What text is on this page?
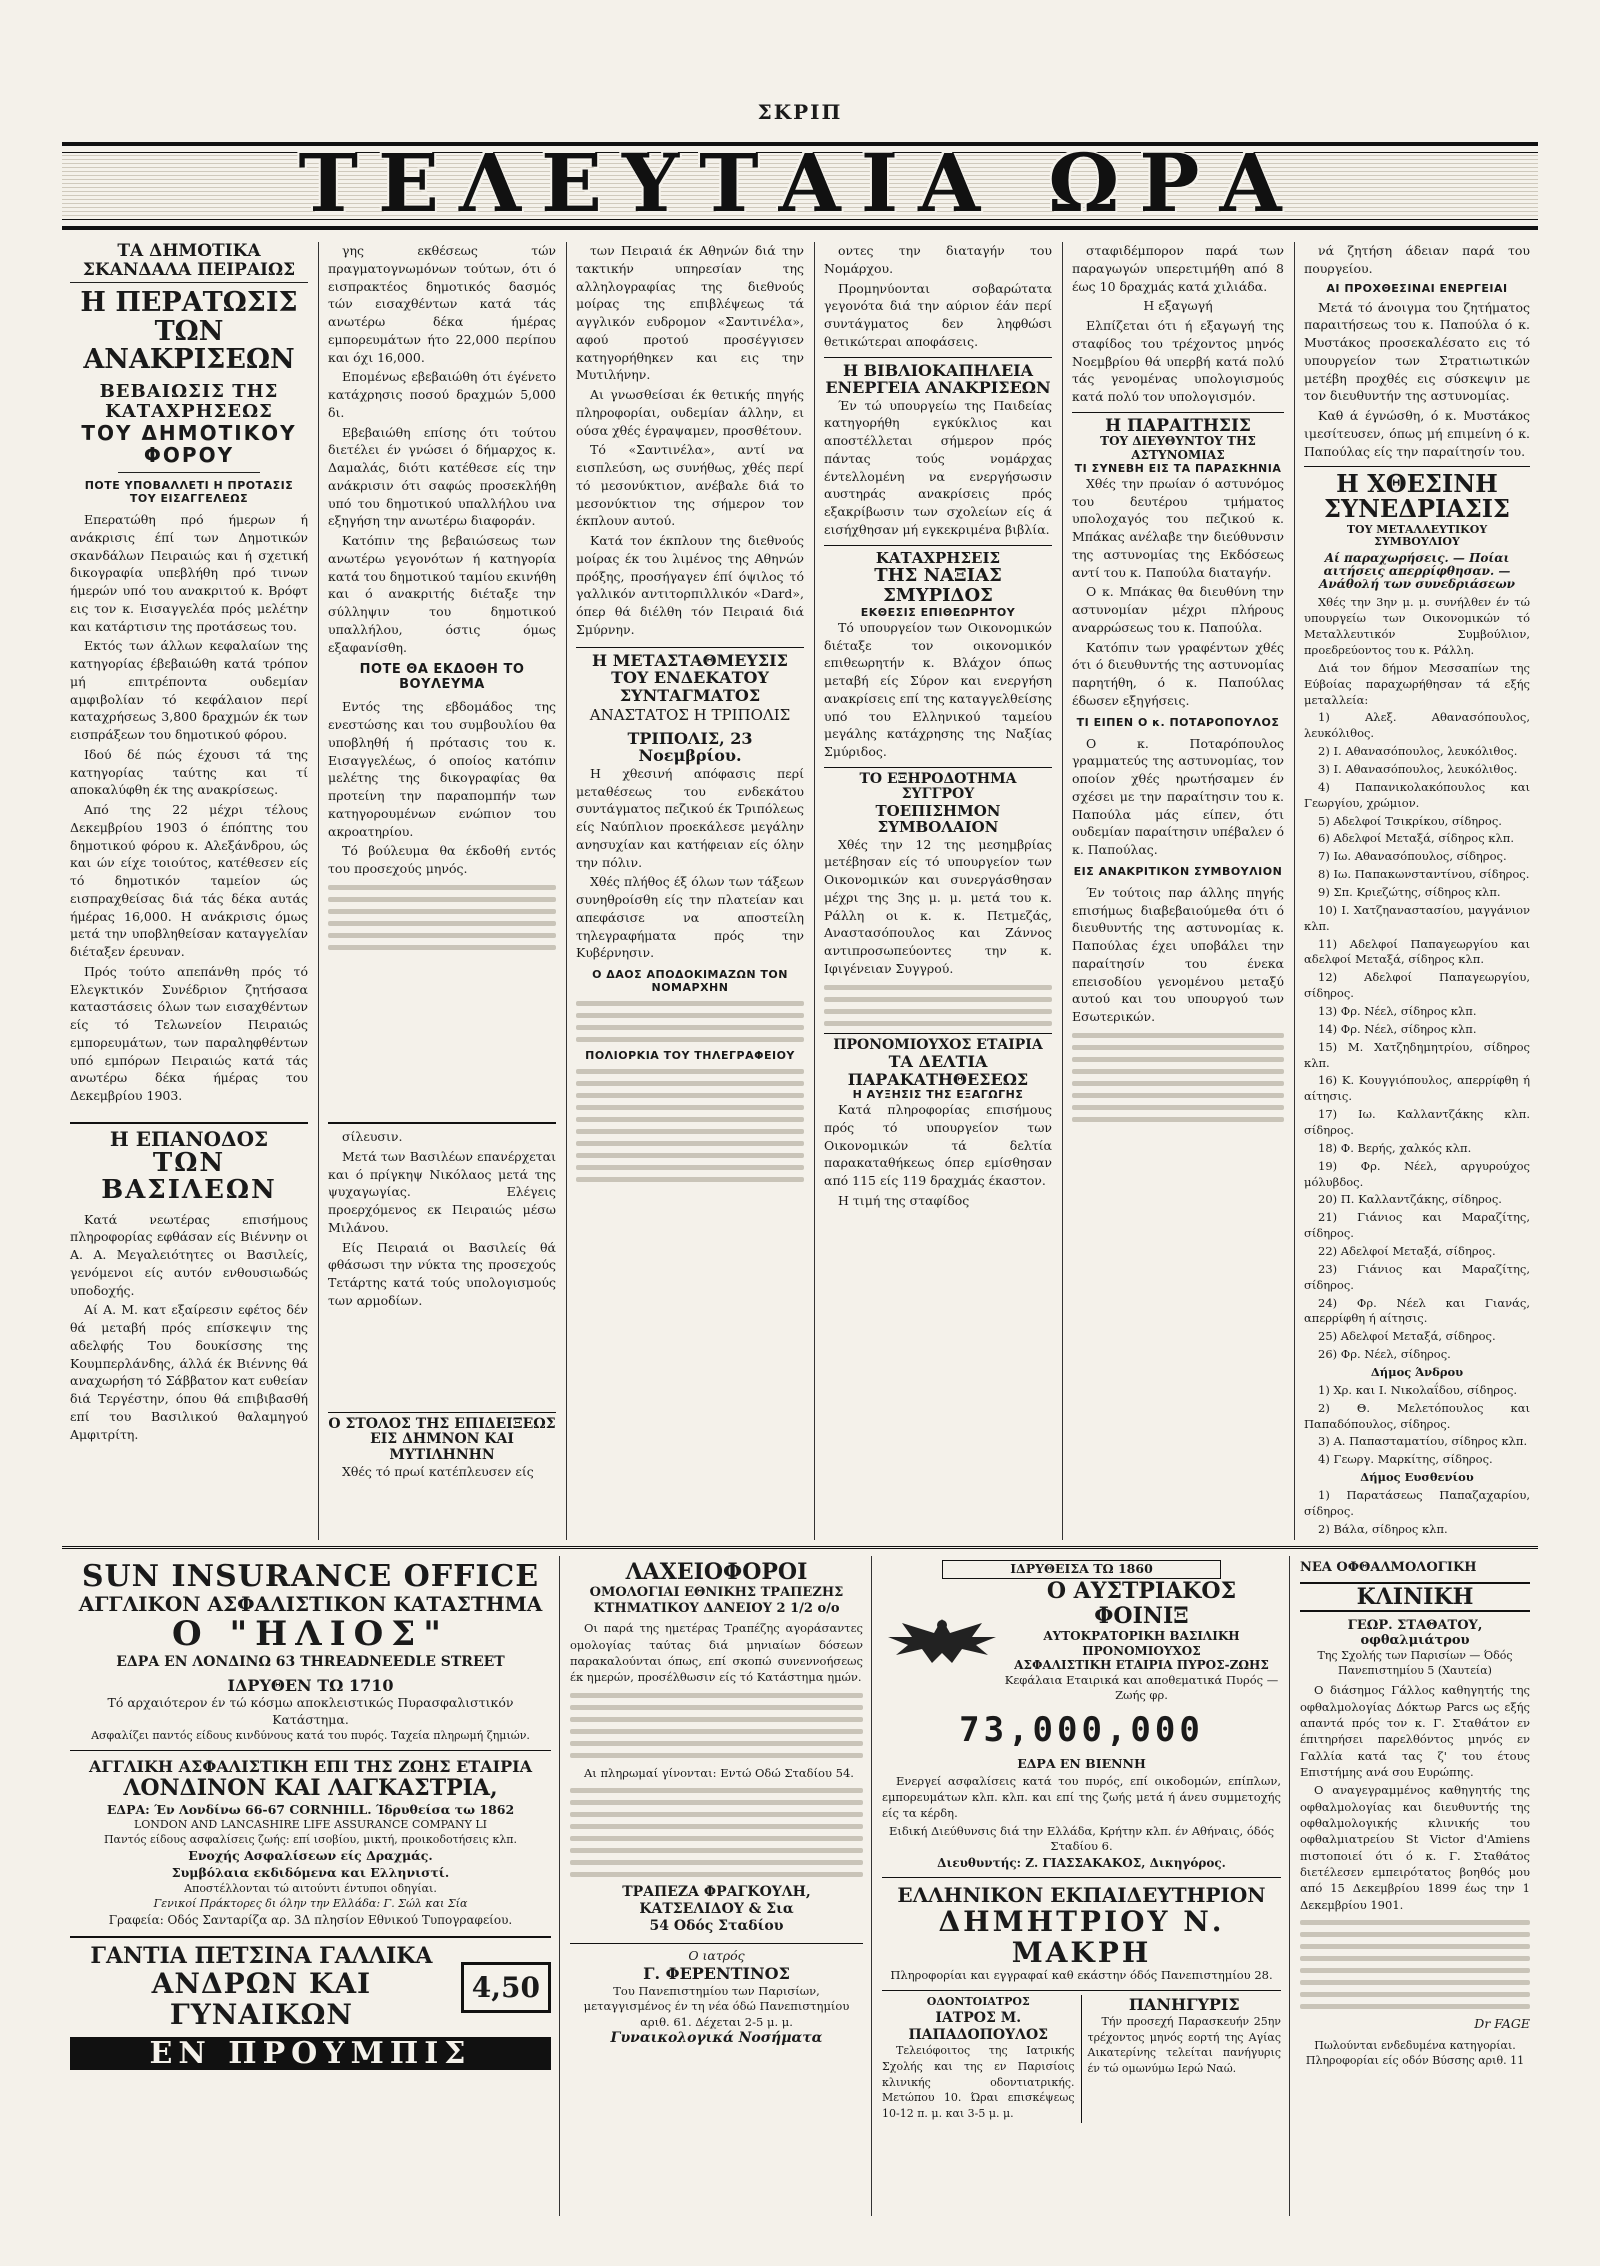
ΣΚΡΙΠ
ΤΕΛΕΥΤΑΙΑ ΩΡΑ
ΤΑ ΔΗΜΟΤΙΚΑ ΣΚΑΝΔΑΛΑ ΠΕΙΡΑΙΩΣ
Η ΠΕΡΑΤΩΣΙΣ ΤΩΝ ΑΝΑΚΡΙΣΕΩΝ
ΒΕΒΑΙΩΣΙΣ ΤΗΣ ΚΑΤΑΧΡΗΣΕΩΣ
ΤΟΥ ΔΗΜΟΤΙΚΟΥ ΦΟΡΟΥ
ΠΟΤΕ ΥΠΟΒΑΛΛΕΤΙ Η ΠΡΟΤΑΣΙΣ ΤΟΥ ΕΙΣΑΓΓΕΛΕΩΣ

Επερατώθη πρό ήμερων ή ανάκρισις έπί των Δημοτικών σκανδάλων Πειραιώς και ή σχετική δικογραφία υπεβλήθη πρό τινων ήμερών υπό του ανακριτού κ. Βρόφτ εις τον κ. Εισαγγελέα πρός μελέτην και κατάρτισιν της προτάσεως του.

Εκτός των άλλων κεφαλαίων της κατηγορίας έβεβαιώθη κατά τρόπον μή επιτρέποντα ουδεμίαν αμφιβολίαν τό κεφάλαιον περί καταχρήσεως 3,800 δραχμών έκ των εισπράξεων του δημοτικού φόρου.

Ιδού δέ πώς έχουσι τά της κατηγορίας ταύτης και τί αποκαλύφθη έκ της ανακρίσεως.

Από της 22 μέχρι τέλους Δεκεμβρίου 1903 ό έπόπτης του δημοτικού φόρου κ. Αλεξάνδρου, ώς και ών είχε τοιούτος, κατέθεσεν είς τό δημοτικόν ταμείον ώς εισπραχθείσας διά τάς δέκα αυτάς ήμέρας 16,000. Η ανάκρισις όμως μετά την υποβληθείσαν καταγγελίαν διέταξεν έρευναν.

Πρός τούτο απεπάνθη πρός τό Ελεγκτικόν Συνέδριον ζητήσασα καταστάσεις όλων των εισαχθέντων είς τό Τελωνείον Πειραιώς εμπορευμάτων, των παραληφθέντων υπό εμπόρων Πειραιώς κατά τάς ανωτέρω δέκα ήμέρας του Δεκεμβρίου 1903.

Η ΕΠΑΝΟΔΟΣ
ΤΩΝ ΒΑΣΙΛΕΩΝ

Κατά νεωτέρας επισήμους πληροφορίας εφθάσαν είς Βιέννην οι Α. Α. Μεγαλειότητες οι Βασιλείς, γενόμενοι είς αυτόν ενθουσιωδώς υποδοχής.

Αί Α. Μ. κατ εξαίρεσιν εφέτος δέν θά μεταβή πρός επίσκεψιν της αδελφής Του δουκίσσης της Κουμπερλάνδης, άλλά έκ Βιέννης θά αναχωρήση τό Σάββατον κατ ευθείαν διά Τεργέστην, όπου θά επιβιβασθή επί του Βασιλικού θαλαμηγού Αμφιτρίτη.

γης εκθέσεως τών πραγματογνωμόνων τούτων, ότι ό εισπρακτέος δημοτικός δασμός τών εισαχθέντων κατά τάς ανωτέρω δέκα ήμέρας εμπορευμάτων ήτο 22,000 περίπου και όχι 16,000.

Επομένως εβεβαιώθη ότι έγένετο κατάχρησις ποσού δραχμών 5,000 δι.

Εβεβαιώθη επίσης ότι τούτου διετέλει έν γνώσει ό δήμαρχος κ. Δαμαλάς, διότι κατέθεσε είς την ανάκρισιν ότι σαφώς προσεκλήθη υπό του δημοτικού υπαλλήλου ινα εξηγήση την ανωτέρω διαφοράν.

Κατόπιν της βεβαιώσεως των ανωτέρω γεγονότων ή κατηγορία κατά του δημοτικού ταμίου εκινήθη και ό ανακριτής διέταξε την σύλληψιν του δημοτικού υπαλλήλου, όστις όμως εξαφανίσθη.

ΠΟΤΕ ΘΑ ΕΚΔΟΘΗ ΤΟ ΒΟΥΛΕΥΜΑ

Εντός της εβδομάδος της ενεστώσης και του συμβουλίου θα υποβληθή ή πρότασις του κ. Εισαγγελέως, ό οποίος κατόπιν μελέτης της δικογραφίας θα προτείνη την παραπομπήν των κατηγορουμένων ενώπιον του ακροατηρίου.

Τό βούλευμα θα έκδοθή εντός του προσεχούς μηνός.

σίλευσιν.

Μετά των Βασιλέων επανέρχεται και ό πρίγκηψ Νικόλαος μετά της ψυχαγωγίας. Ελέγεις προερχόμενος εκ Πειραιώς μέσω Μιλάνου.

Είς Πειραιά οι Βασιλείς θά φθάσωσι την νύκτα της προσεχούς Τετάρτης κατά τούς υπολογισμούς των αρμοδίων.

Ο ΣΤΟΛΟΣ ΤΗΣ ΕΠΙΔΕΙΞΕΩΣ
ΕΙΣ ΔΗΜΝΟΝ ΚΑΙ ΜΥΤΙΛΗΝΗΝ

Χθές τό πρωί κατέπλευσεν είς

των Πειραιά έκ Αθηνών διά την τακτικήν υπηρεσίαν της αλληλογραφίας της διεθνούς μοίρας της επιβλέψεως τά αγγλικόν ευδρομον «Σαντινέλα», αφού προτού προσέγγισεν κατηγορήθηκεν και εις την Μυτιλήνην.

Αι γνωσθείσαι έκ θετικής πηγής πληροφορίαι, ουδεμίαν άλλην, ει ούσα χθές έγραψαμεν, προσθέτουν.

Τό «Σαντινέλα», αντί να εισπλεύση, ως συνήθως, χθές περί τό μεσονύκτιον, ανέβαλε διά το μεσονύκτιον της σήμερον τον έκπλουν αυτού.

Κατά τον έκπλουν της διεθνούς μοίρας έκ του λιμένος της Αθηνών πρόξης, προσήγαγεν έπί όψιλος τό γαλλικόν αντιτορπιλλικόν «Dard», όπερ θά διέλθη τόν Πειραιά διά Σμύρνην.

Η ΜΕΤΑΣΤΑΘΜΕΥΣΙΣ ΤΟΥ ΕΝΔΕΚΑΤΟΥ ΣΥΝΤΑΓΜΑΤΟΣ
ΑΝΑΣΤΑΤΟΣ Η ΤΡΙΠΟΛΙΣ
ΤΡΙΠΟΛΙΣ, 23 Νοεμβρίου.

Η χθεσινή απόφασις περί μεταθέσεως του ενδεκάτου συντάγματος πεζικού έκ Τριπόλεως είς Ναύπλιον προεκάλεσε μεγάλην ανησυχίαν και κατήφειαν είς όλην την πόλιν.

Χθές πλήθος έξ όλων των τάξεων συνηθροίσθη είς την πλατείαν και απεφάσισε να αποστείλη τηλεγραφήματα πρός την Κυβέρνησιν.

Ο ΔΑΟΣ ΑΠΟΔΟΚΙΜΑΖΩΝ ΤΟΝ ΝΟΜΑΡΧΗΝ
ΠΟΛΙΟΡΚΙΑ ΤΟΥ ΤΗΛΕΓΡΑΦΕΙΟΥ

οντες την διαταγήν του Νομάρχου.

Προμηνύονται σοβαρώτατα γεγονότα διά την αύριον έάν περί συντάγματος δεν ληφθώσι θετικώτεραι αποφάσεις.

Η ΒΙΒΛΙΟΚΑΠΗΛΕΙΑ
ΕΝΕΡΓΕΙΑ ΑΝΑΚΡΙΣΕΩΝ

Έν τώ υπουργείω της Παιδείας κατηγορήθη εγκύκλιος και αποστέλλεται σήμερον πρός πάντας τούς νομάρχας έντελλομένη να ενεργήσωσιν αυστηράς ανακρίσεις πρός εξακρίβωσιν των σχολείων είς ά εισήχθησαν μή εγκεκριμένα βιβλία.

ΚΑΤΑΧΡΗΣΕΙΣ
ΤΗΣ ΝΑΞΙΑΣ ΣΜΥΡΙΔΟΣ
ΕΚΘΕΣΙΣ ΕΠΙΘΕΩΡΗΤΟΥ

Τό υπουργείον των Οικονομικών διέταξε τον οικονομικόν επιθεωρητήν κ. Βλάχον όπως μεταβή είς Σύρον και ενεργήση ανακρίσεις επί της καταγγελθείσης υπό του Ελληνικού ταμείου μεγάλης κατάχρησης της Ναξίας Σμύριδος.

ΤΟ ΕΞΗΡΟΔΟΤΗΜΑ ΣΥΓΓΡΟΥ
ΤΟΕΠΙΣΗΜΟΝ ΣΥΜΒΟΛΑΙΟΝ

Χθές την 12 της μεσημβρίας μετέβησαν είς τό υπουργείον των Οικονομικών και συνεργάσθησαν μέχρι της 3ης μ. μ. μετά του κ. Ράλλη οι κ. κ. Πετμεζάς, Αναστασόπουλος και Ζάννος αντιπροσωπεύοντες την κ. Ιφιγένειαν Συγγρού.

ΠΡΟΝΟΜΙΟΥΧΟΣ ΕΤΑΙΡΙΑ
ΤΑ ΔΕΛΤΙΑ ΠΑΡΑΚΑΤΗΘΕΣΕΩΣ
Η ΑΥΞΗΣΙΣ ΤΗΣ ΕΞΑΓΩΓΗΣ

Κατά πληροφορίας επισήμους πρός τό υπουργείον των Οικονομικών τά δελτία παρακαταθήκεως όπερ εμίσθησαν από 115 είς 119 δραχμάς έκαστον.

Η τιμή της σταφίδος

σταφιδέμπορον παρά των παραγωγών υπερετιμήθη από 8 έως 10 δραχμάς κατά χιλιάδα.

Η εξαγωγή

Ελπίζεται ότι ή εξαγωγή της σταφίδος του τρέχοντος μηνός Νοεμβρίου θά υπερβή κατά πολύ τάς γενομένας υπολογισμούς κατά πολύ τον υπολογισμόν.

Η ΠΑΡΑΙΤΗΣΙΣ
ΤΟΥ ΔΙΕΥΘΥΝΤΟΥ ΤΗΣ ΑΣΤΥΝΟΜΙΑΣ
ΤΙ ΣΥΝΕΒΗ ΕΙΣ ΤΑ ΠΑΡΑΣΚΗΝΙΑ

Χθές την πρωίαν ό αστυνόμος του δευτέρου τμήματος υπολοχαγός του πεζικού κ. Μπάκας ανέλαβε την διεύθυνσιν της αστυνομίας της Εκδόσεως αντί του κ. Παπούλα διαταγήν.

Ο κ. Μπάκας θα διευθύνη την αστυνομίαν μέχρι πλήρους αναρρώσεως του κ. Παπούλα.

Κατόπιν των γραφέντων χθές ότι ό διευθυντής της αστυνομίας παρητήθη, ό κ. Παπούλας έδωσεν εξηγήσεις.

ΤΙ ΕΙΠΕΝ Ο κ. ΠΟΤΑΡΟΠΟΥΛΟΣ

Ο κ. Ποταρόπουλος γραμματεύς της αστυνομίας, τον οποίον χθές ηρωτήσαμεν έν σχέσει με την παραίτησιν του κ. Παπούλα μάς είπεν, ότι ουδεμίαν παραίτησιν υπέβαλεν ό κ. Παπούλας.

ΕΙΣ ΑΝΑΚΡΙΤΙΚΟΝ ΣΥΜΒΟΥΛΙΟΝ

Έν τούτοις παρ άλλης πηγής επισήμως διαβεβαιούμεθα ότι ό διευθυντής της αστυνομίας κ. Παπούλας έχει υποβάλει την παραίτησίν του ένεκα επεισοδίου γενομένου μεταξύ αυτού και του υπουργού των Εσωτερικών.

νά ζητήση άδειαν παρά του πουργείου.

ΑΙ ΠΡΟΧΘΕΣΙΝΑΙ ΕΝΕΡΓΕΙΑΙ

Μετά τό άνοιγμα του ζητήματος παραιτήσεως του κ. Παπούλα ό κ. Μυστάκος προσεκαλέσατο εις τό υπουργείον των Στρατιωτικών μετέβη προχθές εις σύσκεψιν με τον διευθυντήν της αστυνομίας.

Καθ ά έγνώσθη, ό κ. Μυστάκος ιμεσίτευσεν, όπως μή επιμείνη ό κ. Παπούλας είς την παραίτησίν του.

Η ΧΘΕΣΙΝΗ ΣΥΝΕΔΡΙΑΣΙΣ
ΤΟΥ ΜΕΤΑΛΛΕΥΤΙΚΟΥ ΣΥΜΒΟΥΛΙΟΥ
Αί παραχωρήσεις. — Ποίαι αιτήσεις απερρίφθησαν. — Ανάθολή των συνεδριάσεων

Χθές την 3ην μ. μ. συνήλθεν έν τώ υπουργείω των Οικονομικών τό Μεταλλευτικόν Συμβούλιον, προεδρεύοντος του κ. Ράλλη.

Διά τον δήμον Μεσσαπίων της Εύβοίας παραχωρήθησαν τά εξής μεταλλεία:

1) Αλεξ. Αθανασόπουλος, λευκόλιθος.

2) Ι. Αθανασόπουλος, λευκόλιθος.

3) Ι. Αθανασόπουλος, λευκόλιθος.

4) Παπανικολακόπουλος και Γεωργίου, χρώμιον.

5) Αδελφοί Τσικρίκου, σίδηρος.

6) Αδελφοί Μεταξά, σίδηρος κλπ.

7) Ιω. Αθανασόπουλος, σίδηρος.

8) Ιω. Παπακωνσταντίνου, σίδηρος.

9) Σπ. Κριεζώτης, σίδηρος κλπ.

10) Ι. Χατζηαναστασίου, μαγγάνιον κλπ.

11) Αδελφοί Παπαγεωργίου και αδελφοί Μεταξά, σίδηρος κλπ.

12) Αδελφοί Παπαγεωργίου, σίδηρος.

13) Φρ. Νέελ, σίδηρος κλπ.

14) Φρ. Νέελ, σίδηρος κλπ.

15) Μ. Χατζηδημητρίου, σίδηρος κλπ.

16) Κ. Κουγγιόπουλος, απερρίφθη ή αίτησις.

17) Ιω. Καλλαντζάκης κλπ. σίδηρος.

18) Φ. Βερής, χαλκός κλπ.

19) Φρ. Νέελ, αργυρούχος μόλυβδος.

20) Π. Καλλαντζάκης, σίδηρος.

21) Γιάνιος και Μαραζίτης, σίδηρος.

22) Αδελφοί Μεταξά, σίδηρος.

23) Γιάνιος και Μαραζίτης, σίδηρος.

24) Φρ. Νέελ και Γιανάς, απερρίφθη ή αίτησις.

25) Αδελφοί Μεταξά, σίδηρος.

26) Φρ. Νέελ, σίδηρος.

Δήμος Άνδρου

1) Χρ. και Ι. Νικολαΐδου, σίδηρος.

2) Θ. Μελετόπουλος και Παπαδόπουλος, σίδηρος.

3) Α. Παπασταματίου, σίδηρος κλπ.

4) Γεωργ. Μαρκίτης, σίδηρος.

Δήμος Ευσθενίου

1) Παρατάσεως Παπαζαχαρίου, σίδηρος.

2) Βάλα, σίδηρος κλπ.

SUN INSURANCE OFFICE
ΑΓΓΛΙΚΟΝ ΑΣΦΑΛΙΣΤΙΚΟΝ ΚΑΤΑΣΤΗΜΑ
Ο "ΗΛΙΟΣ"
ΕΔΡΑ ΕΝ ΛΟΝΔΙΝΩ 63 THREADNEEDLE STREET
ΙΔΡΥΘΕΝ ΤΩ 1710
Τό αρχαιότερον έν τώ κόσμω αποκλειστικώς Πυρασφαλιστικόν Κατάστημα.
Ασφαλίζει παντός είδους κινδύνους κατά του πυρός. Ταχεία πληρωμή ζημιών.
ΑΓΓΛΙΚΗ ΑΣΦΑΛΙΣΤΙΚΗ ΕΠΙ ΤΗΣ ΖΩΗΣ ΕΤΑΙΡΙΑ
ΛΟΝΔΙΝΟΝ ΚΑΙ ΛΑΓΚΑΣΤΡΙΑ,
ΕΔΡΑ: Έν Λονδίνω 66-67 CORNHILL. Ίδρυθείσα τω 1862
LONDON AND LANCASHIRE LIFE ASSURANCE COMPANY LI
Παντός είδους ασφαλίσεις ζωής: επί ισοβίου, μικτή, προικοδοτήσεις κλπ.
Ενοχής Ασφαλίσεων είς Δραχμάς.
Συμβόλαια εκδιδόμενα και Ελληνιστί.
Αποστέλλονται τώ αιτούντι έντυποι οδηγίαι.
Γενικοί Πράκτορες δι όλην την Ελλάδα: Γ. Σώλ και Σία
Γραφεία: Οδός Σανταρίζα αρ. 3Δ πλησίον Εθνικού Τυπογραφείου.
ΓΑΝΤΙΑ ΠΕΤΣΙΝΑ ΓΑΛΛΙΚΑ
ΑΝΔΡΩΝ ΚΑΙ ΓΥΝΑΙΚΩΝ
4,50
ΕΝ ΠΡΟΥΜΠΙΣ
ΛΑΧΕΙΟΦΟΡΟΙ
ΟΜΟΛΟΓΙΑΙ ΕΘΝΙΚΗΣ ΤΡΑΠΕΖΗΣ
ΚΤΗΜΑΤΙΚΟΥ ΔΑΝΕΙΟΥ 2 1/2 ο/ο

Οι παρά της ημετέρας Τραπέζης αγοράσαντες ομολογίας ταύτας διά μηνιαίων δόσεων παρακαλούνται όπως, επί σκοπώ συνεννοήσεως έκ ημερών, προσέλθωσιν είς τό Κατάστημα ημών.

Αι πληρωμαί γίνονται: Εντώ Οδώ Σταδίου 54.

ΤΡΑΠΕΖΑ ΦΡΑΓΚΟΥΛΗ, ΚΑΤΣΕΛΙΔΟΥ & Σια
54 Οδός Σταδίου
Ο ιατρός
Γ. ΦΕΡΕΝΤΙΝΟΣ
Του Πανεπιστημίου των Παρισίων, μεταγγισμένος έν τη νέα όδώ Πανεπιστημίου αριθ. 61. Δέχεται 2-5 μ. μ.
Γυναικολογικά Νοσήματα
ΙΔΡΥΘΕΙΣΑ ΤΩ 1860
Ο ΑΥΣΤΡΙΑΚΟΣ ΦΟΙΝΙΞ
ΑΥΤΟΚΡΑΤΟΡΙΚΗ ΒΑΣΙΛΙΚΗ ΠΡΟΝΟΜΙΟΥΧΟΣ
ΑΣΦΑΛΙΣΤΙΚΗ ΕΤΑΙΡΙΑ ΠΥΡΟΣ-ΖΩΗΣ
Κεφάλαια Εταιρικά και αποθεματικά Πυρός — Ζωής φρ.
73,000,000
ΕΔΡΑ ΕΝ ΒΙΕΝΝΗ

Ενεργεί ασφαλίσεις κατά του πυρός, επί οικοδομών, επίπλων, εμπορευμάτων κλπ. κλπ. και επί της ζωής μετά ή άνευ συμμετοχής είς τα κέρδη.

Ειδική Διεύθυνσις διά την Ελλάδα, Κρήτην κλπ. έν Αθήναις, όδός Σταδίου 6.
Διευθυντής: Ζ. ΓΙΑΣΣΑΚΑΚΟΣ, Δικηγόρος.
ΕΛΛΗΝΙΚΟΝ ΕΚΠΑΙΔΕΥΤΗΡΙΟΝ
ΔΗΜΗΤΡΙΟΥ Ν. ΜΑΚΡΗ
Πληροφορίαι και εγγραφαί καθ εκάστην όδός Πανεπιστημίου 28.
ΟΔΟΝΤΟΙΑΤΡΟΣ
ΙΑΤΡΟΣ Μ. ΠΑΠΑΔΟΠΟΥΛΟΣ

Τελειόφοιτος της Ιατρικής Σχολής και της εν Παρισίοις κλινικής οδοντιατρικής. Μετώπου 10. Ώραι επισκέψεως 10-12 π. μ. και 3-5 μ. μ.

ΠΑΝΗΓΥΡΙΣ

Τήν προσεχή Παρασκευήν 25ην τρέχοντος μηνός εορτή της Αγίας Αικατερίνης τελείται πανήγυρις έν τώ ομωνύμω Ιερώ Ναώ.

ΝΕΑ ΟΦΘΑΛΜΟΛΟΓΙΚΗ
ΚΛΙΝΙΚΗ
ΓΕΩΡ. ΣΤΑΘΑΤΟΥ, οφθαλμιάτρου
Της Σχολής των Παρισίων — Όδός Πανεπιστημίου 5 (Χαυτεία)

Ο διάσημος Γάλλος καθηγητής της οφθαλμολογίας Δόκτωρ Parcs ως εξής απαντά πρός τον κ. Γ. Σταθάτον εν έπιτηρήσει παρελθόντος μηνός εν Γαλλία κατά τας ζ' του έτους Επιστήμης ανά σου Ευρώπης.

Ο αναγεγραμμένος καθηγητής της οφθαλμολογίας και διευθυντής της οφθαλμολογικής κλινικής του οφθαλμιατρείου St Victor d'Amiens πιστοποιεί ότι ό κ. Γ. Σταθάτος διετέλεσεν εμπειρότατος βοηθός μου από 15 Δεκεμβρίου 1899 έως την 1 Δεκεμβρίου 1901.

Dr FAGE
Πωλούνται ενδεδυμένα κατηγορίαι. Πληροφορίαι είς οδόν Βύσσης αριθ. 11
